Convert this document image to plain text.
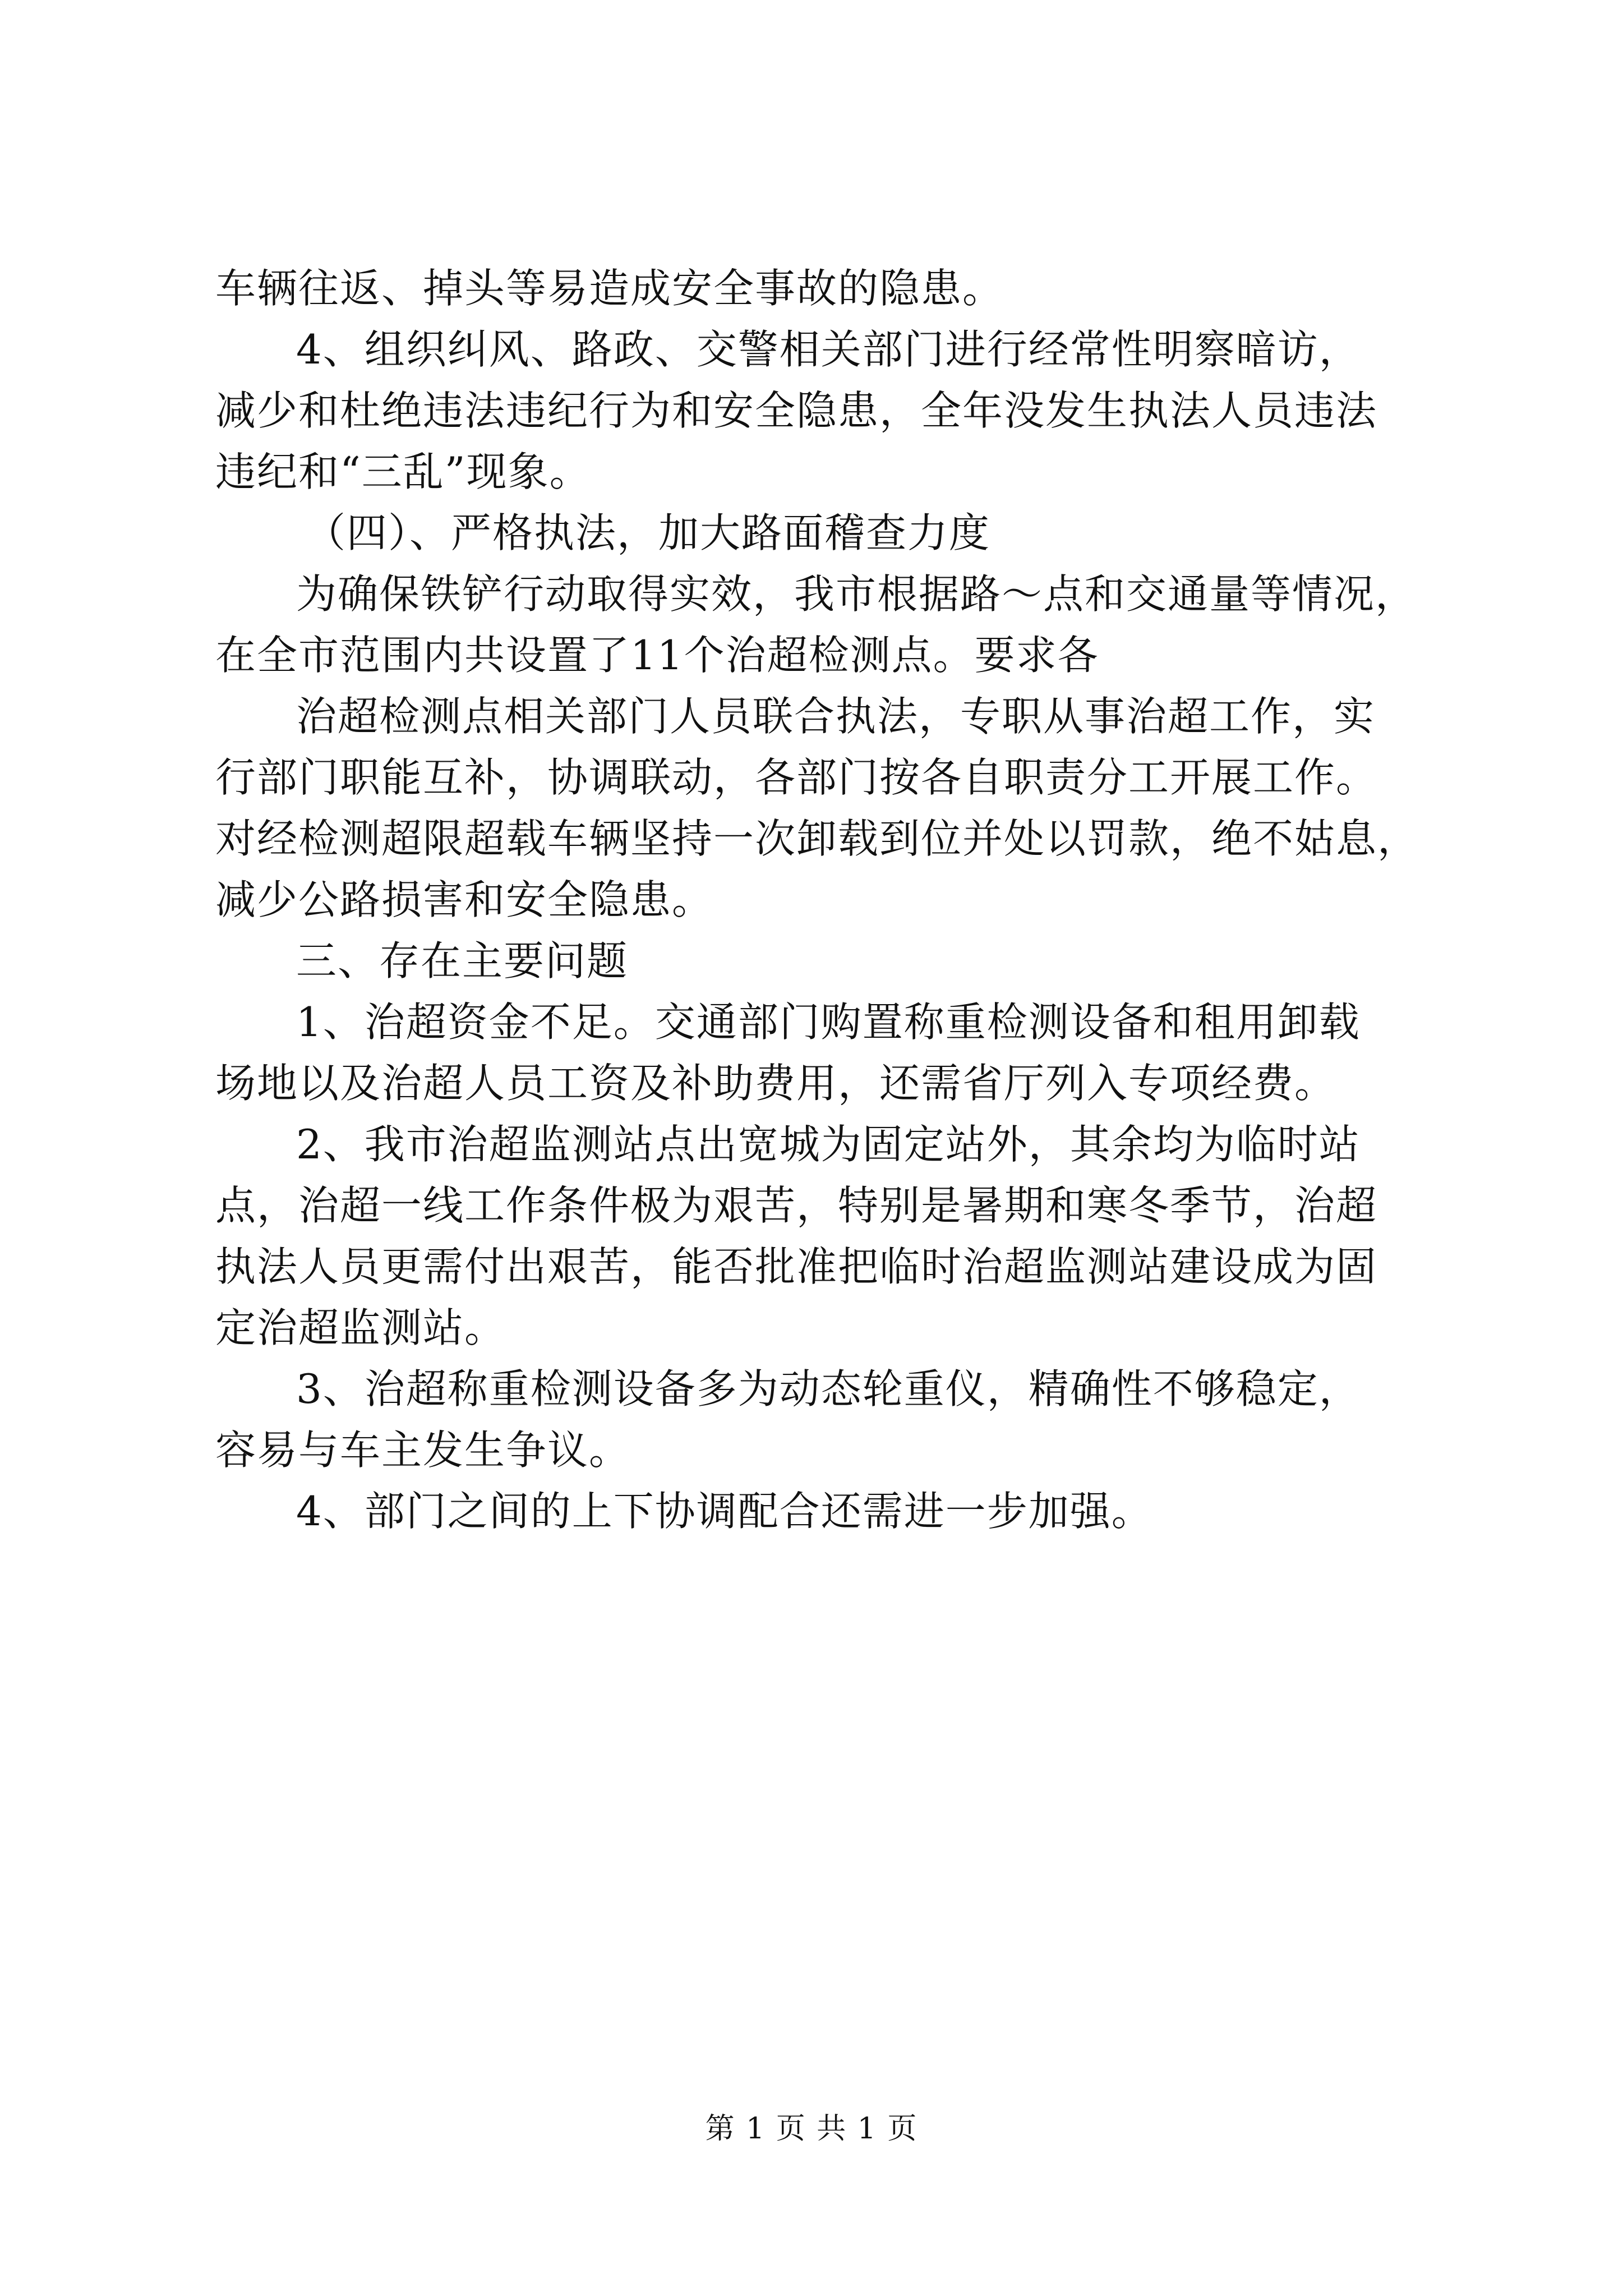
车辆往返、掉头等易造成安全事故的隐患。
4、组织纠风、路政、交警相关部门进行经常性明察暗访，
减少和杜绝违法违纪行为和安全隐患，全年没发生执法人员违法
违纪和“三乱”现象。
（四）、严格执法，加大路面稽查力度
为确保铁铲行动取得实效，我市根据路～点和交通量等情况，
在全市范围内共设置了11个治超检测点。要求各
治超检测点相关部门人员联合执法，专职从事治超工作，实
行部门职能互补，协调联动，各部门按各自职责分工开展工作。
对经检测超限超载车辆坚持一次卸载到位并处以罚款，绝不姑息，
减少公路损害和安全隐患。
三、存在主要问题
1、治超资金不足。交通部门购置称重检测设备和租用卸载
场地以及治超人员工资及补助费用，还需省厅列入专项经费。
2、我市治超监测站点出宽城为固定站外，其余均为临时站
点，治超一线工作条件极为艰苦，特别是暑期和寒冬季节，治超
执法人员更需付出艰苦，能否批准把临时治超监测站建设成为固
定治超监测站。
3、治超称重检测设备多为动态轮重仪，精确性不够稳定，
容易与车主发生争议。
4、部门之间的上下协调配合还需进一步加强。
第 1 页 共 1 页
